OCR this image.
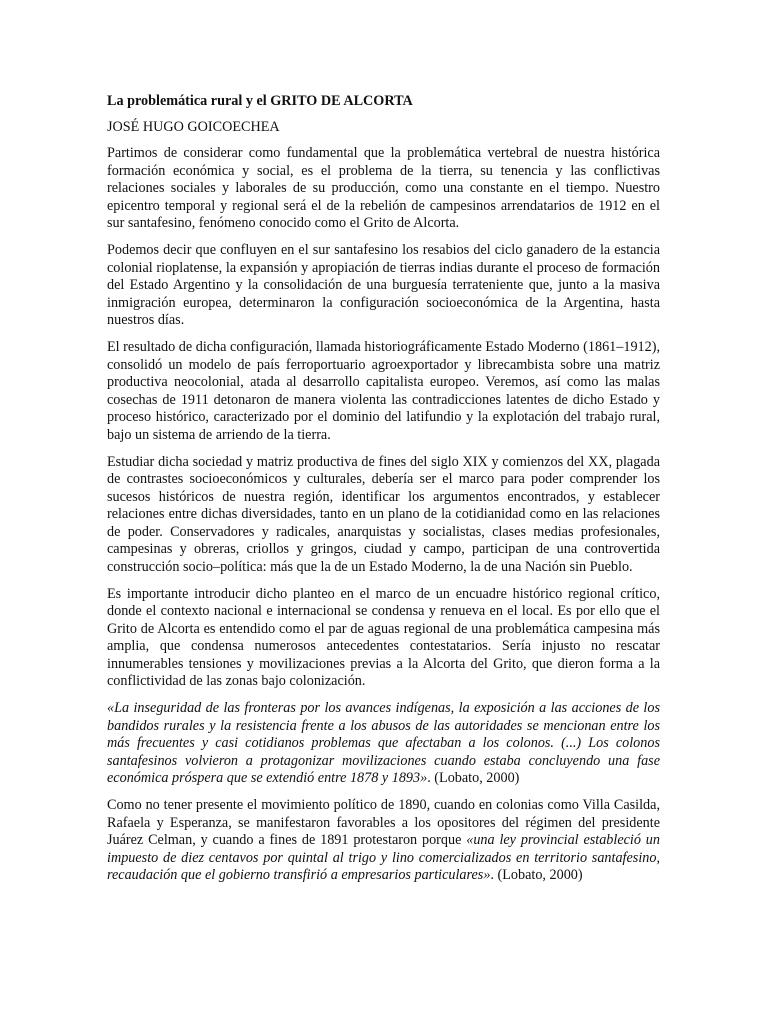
La problemática rural y el GRITO DE ALCORTA
JOSÉ HUGO GOICOECHEA

Partimos de considerar como fundamental que la problemática vertebral de nuestra histórica formación económica y social, es el problema de la tierra, su tenencia y las conflictivas relaciones sociales y laborales de su producción, como una constante en el tiempo. Nuestro epicentro temporal y regional será el de la rebelión de campesinos arrendatarios de 1912 en el sur santafesino, fenómeno conocido como el Grito de Alcorta.

Podemos decir que confluyen en el sur santafesino los resabios del ciclo ganadero de la estancia colonial rioplatense, la expansión y apropiación de tierras indias durante el proceso de formación del Estado Argentino y la consolidación de una burguesía terrateniente que, junto a la masiva inmigración europea, determinaron la configuración socioeconómica de la Argentina, hasta nuestros días.

El resultado de dicha configuración, llamada historiográficamente Estado Moderno (1861–1912), consolidó un modelo de país ferroportuario agroexportador y librecambista sobre una matriz productiva neocolonial, atada al desarrollo capitalista europeo. Veremos, así como las malas cosechas de 1911 detonaron de manera violenta las contradicciones latentes de dicho Estado y proceso histórico, caracterizado por el dominio del latifundio y la explotación del trabajo rural, bajo un sistema de arriendo de la tierra.

Estudiar dicha sociedad y matriz productiva de fines del siglo XIX y comienzos del XX, plagada de contrastes socioeconómicos y culturales, debería ser el marco para poder comprender los sucesos históricos de nuestra región, identificar los argumentos encontrados, y establecer relaciones entre dichas diversidades, tanto en un plano de la cotidianidad como en las relaciones de poder. Conservadores y radicales, anarquistas y socialistas, clases medias profesionales, campesinas y obreras, criollos y gringos, ciudad y campo, participan de una controvertida construcción socio–política: más que la de un Estado Moderno, la de una Nación sin Pueblo.

Es importante introducir dicho planteo en el marco de un encuadre histórico regional crítico, donde el contexto nacional e internacional se condensa y renueva en el local. Es por ello que el Grito de Alcorta es entendido como el par de aguas regional de una problemática campesina más amplia, que condensa numerosos antecedentes contestatarios. Sería injusto no rescatar innumerables tensiones y movilizaciones previas a la Alcorta del Grito, que dieron forma a la conflictividad de las zonas bajo colonización.

«La inseguridad de las fronteras por los avances indígenas, la exposición a las acciones de los bandidos rurales y la resistencia frente a los abusos de las autoridades se mencionan entre los más frecuentes y casi cotidianos problemas que afectaban a los colonos. (...) Los colonos santafesinos volvieron a protagonizar movilizaciones cuando estaba concluyendo una fase económica próspera que se extendió entre 1878 y 1893». (Lobato, 2000)

Como no tener presente el movimiento político de 1890, cuando en colonias como Villa Casilda, Rafaela y Esperanza, se manifestaron favorables a los opositores del régimen del presidente Juárez Celman, y cuando a fines de 1891 protestaron porque «una ley provincial estableció un impuesto de diez centavos por quintal al trigo y lino comercializados en territorio santafesino, recaudación que el gobierno transfirió a empresarios particulares». (Lobato, 2000)
